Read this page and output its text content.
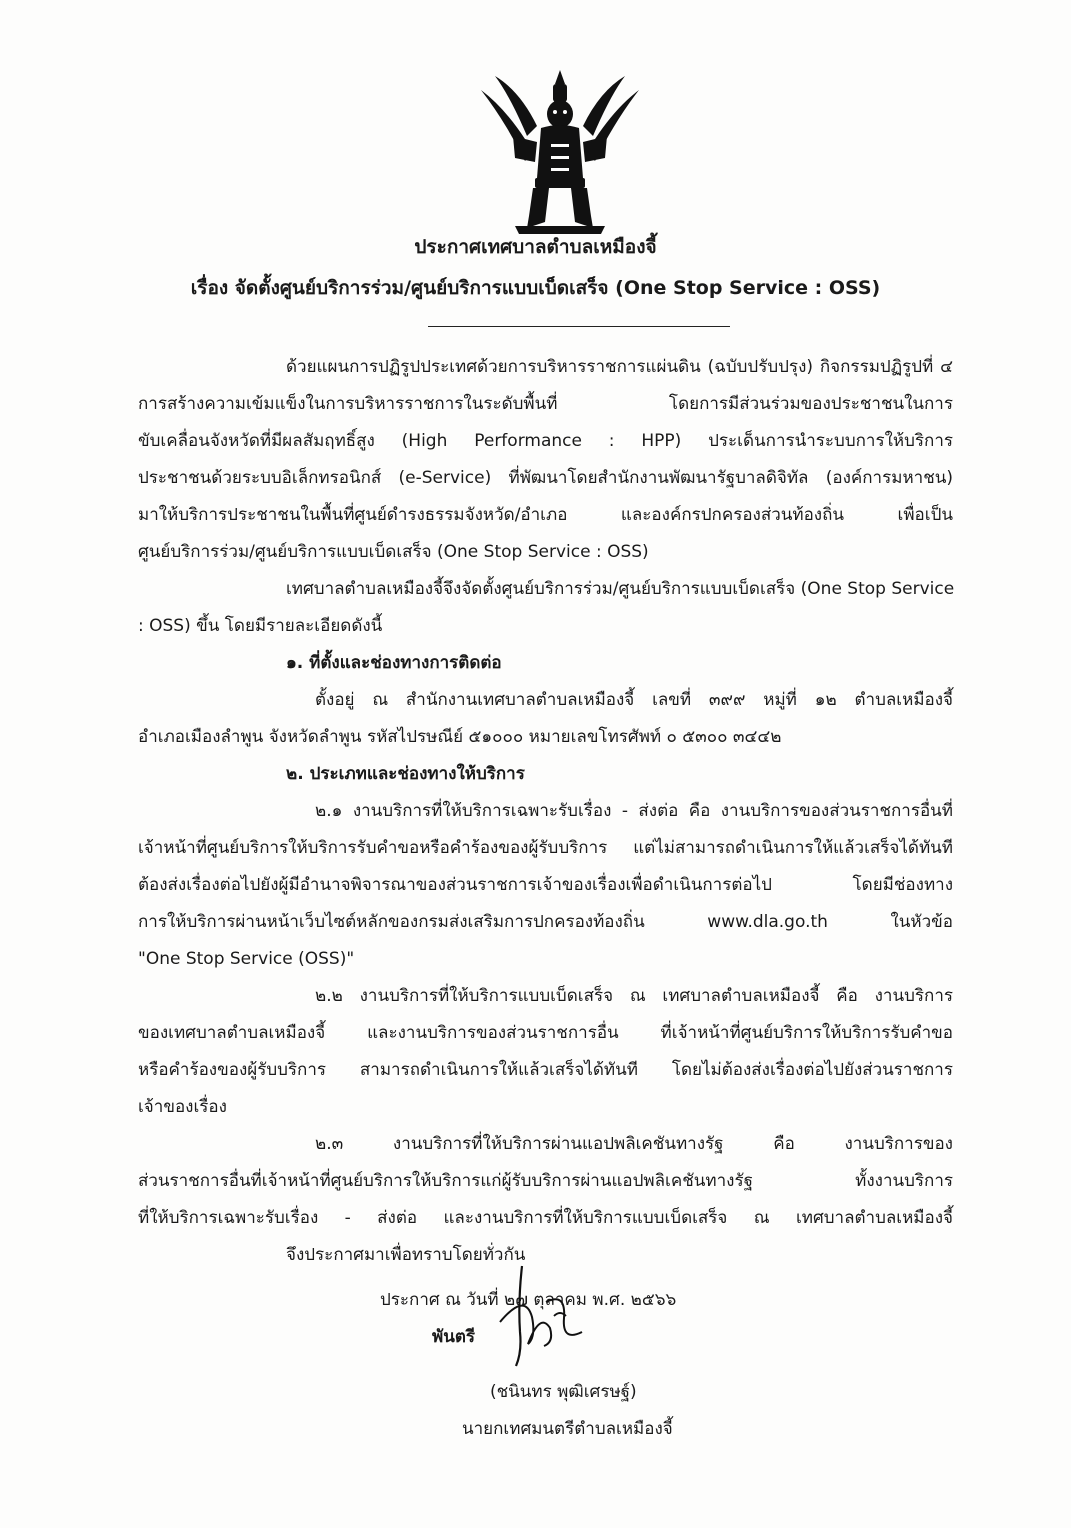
ประกาศเทศบาลตำบลเหมืองจี้
เรื่อง จัดตั้งศูนย์บริการร่วม/ศูนย์บริการแบบเบ็ดเสร็จ (One Stop Service : OSS)
ด้วยแผนการปฏิรูปประเทศด้วยการบริหารราชการแผ่นดิน (ฉบับปรับปรุง) กิจกรรมปฏิรูปที่ ๔
การสร้างความเข้มแข็งในการบริหารราชการในระดับพื้นที่ โดยการมีส่วนร่วมของประชาชนในการ
ขับเคลื่อนจังหวัดที่มีผลสัมฤทธิ์สูง (High Performance : HPP) ประเด็นการนำระบบการให้บริการ
ประชาชนด้วยระบบอิเล็กทรอนิกส์ (e-Service) ที่พัฒนาโดยสำนักงานพัฒนารัฐบาลดิจิทัล (องค์การมหาชน)
มาให้บริการประชาชนในพื้นที่ศูนย์ดำรงธรรมจังหวัด/อำเภอ และองค์กรปกครองส่วนท้องถิ่น เพื่อเป็น
ศูนย์บริการร่วม/ศูนย์บริการแบบเบ็ดเสร็จ (One Stop Service : OSS)
เทศบาลตำบลเหมืองจี้จึงจัดตั้งศูนย์บริการร่วม/ศูนย์บริการแบบเบ็ดเสร็จ (One Stop Service
: OSS) ขึ้น โดยมีรายละเอียดดังนี้
๑. ที่ตั้งและช่องทางการติดต่อ
ตั้งอยู่ ณ สำนักงานเทศบาลตำบลเหมืองจี้ เลขที่ ๓๙๙ หมู่ที่ ๑๒ ตำบลเหมืองจี้
อำเภอเมืองลำพูน จังหวัดลำพูน รหัสไปรษณีย์ ๕๑๐๐๐ หมายเลขโทรศัพท์ ๐ ๕๓๐๐ ๓๔๔๒
๒. ประเภทและช่องทางให้บริการ
๒.๑ งานบริการที่ให้บริการเฉพาะรับเรื่อง - ส่งต่อ คือ งานบริการของส่วนราชการอื่นที่
เจ้าหน้าที่ศูนย์บริการให้บริการรับคำขอหรือคำร้องของผู้รับบริการ แต่ไม่สามารถดำเนินการให้แล้วเสร็จได้ทันที
ต้องส่งเรื่องต่อไปยังผู้มีอำนาจพิจารณาของส่วนราชการเจ้าของเรื่องเพื่อดำเนินการต่อไป โดยมีช่องทาง
การให้บริการผ่านหน้าเว็บไซต์หลักของกรมส่งเสริมการปกครองท้องถิ่น www.dla.go.th ในหัวข้อ
"One Stop Service (OSS)"
๒.๒ งานบริการที่ให้บริการแบบเบ็ดเสร็จ ณ เทศบาลตำบลเหมืองจี้ คือ งานบริการ
ของเทศบาลตำบลเหมืองจี้ และงานบริการของส่วนราชการอื่น ที่เจ้าหน้าที่ศูนย์บริการให้บริการรับคำขอ
หรือคำร้องของผู้รับบริการ สามารถดำเนินการให้แล้วเสร็จได้ทันที โดยไม่ต้องส่งเรื่องต่อไปยังส่วนราชการ
เจ้าของเรื่อง
๒.๓ งานบริการที่ให้บริการผ่านแอปพลิเคชันทางรัฐ คือ งานบริการของ
ส่วนราชการอื่นที่เจ้าหน้าที่ศูนย์บริการให้บริการแก่ผู้รับบริการผ่านแอปพลิเคชันทางรัฐ ทั้งงานบริการ
ที่ให้บริการเฉพาะรับเรื่อง - ส่งต่อ และงานบริการที่ให้บริการแบบเบ็ดเสร็จ ณ เทศบาลตำบลเหมืองจี้
จึงประกาศมาเพื่อทราบโดยทั่วกัน
ประกาศ ณ วันที่ ๒๗ ตุลาคม พ.ศ. ๒๕๖๖
พันตรี
(ชนินทร พุฒิเศรษฐ์)
นายกเทศมนตรีตำบลเหมืองจี้
